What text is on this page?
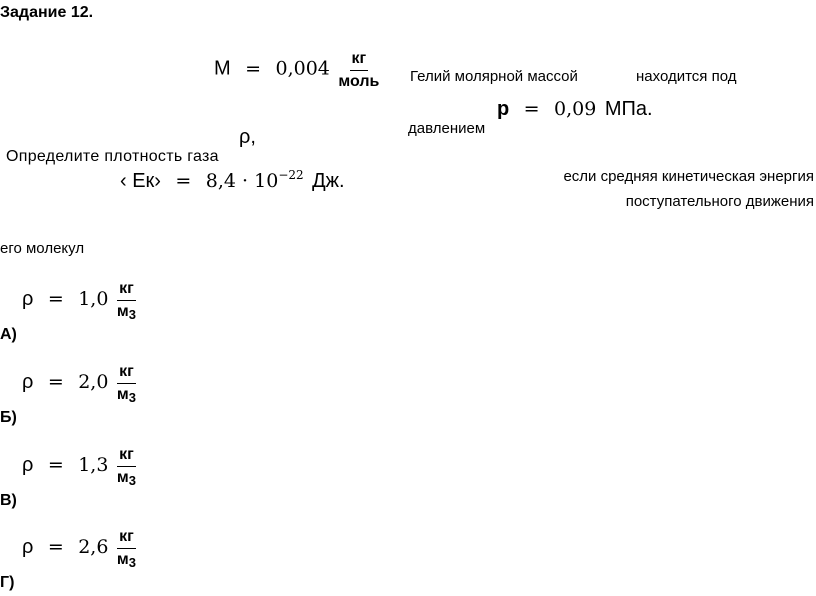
Задание 12.
$M = 0,004 \frac{кг}{\text{моль}}$ Гелий молярной массой	находится под
давлением
p = 0,09 МПа.
ρ,
Определите плотность газа
‹ Eк› = $8,4 \cdot 10^{-22}$ Дж.	если средняя кинетическая энергия
поступательного движения
его молекул
$\rho = 1,0 \frac{кг}{м_3}$
А)
$\rho = 2,0 \frac{кг}{м_3}$
Б)
$\rho = 1,3 \frac{кг}{м_3}$
В)
$\rho = 2,6 \frac{кг}{м_3}$
Г)
